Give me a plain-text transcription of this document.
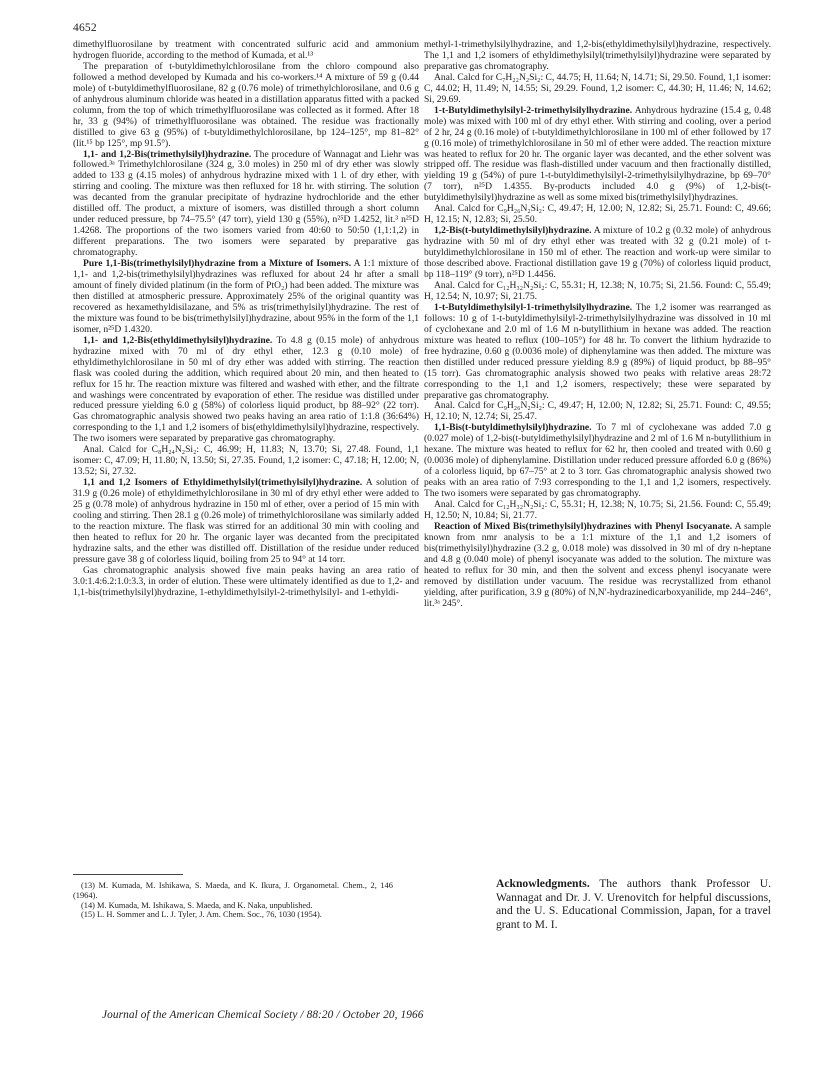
4652

dimethylfluorosilane by treatment with concentrated sulfuric acid and ammonium hydrogen fluoride, according to the method of Kumada, et al.¹³

The preparation of t-butyldimethylchlorosilane from the chloro compound also followed a method developed by Kumada and his co-workers.¹⁴ A mixture of 59 g (0.44 mole) of t-butyldimethylfluorosilane, 82 g (0.76 mole) of trimethylchlorosilane, and 0.6 g of anhydrous aluminum chloride was heated in a distillation apparatus fitted with a packed column, from the top of which trimethylfluorosilane was collected as it formed. After 18 hr, 33 g (94%) of trimethylfluorosilane was obtained. The residue was fractionally distilled to give 63 g (95%) of t-butyldimethylchlorosilane, bp 124–125°, mp 81–82° (lit.¹⁵ bp 125°, mp 91.5°).

1,1- and 1,2-Bis(trimethylsilyl)hydrazine. The procedure of Wannagat and Liehr was followed.³ᵃ Trimethylchlorosilane (324 g, 3.0 moles) in 250 ml of dry ether was slowly added to 133 g (4.15 moles) of anhydrous hydrazine mixed with 1 l. of dry ether, with stirring and cooling. The mixture was then refluxed for 18 hr. with stirring. The solution was decanted from the granular precipitate of hydrazine hydrochloride and the ether distilled off. The product, a mixture of isomers, was distilled through a short column under reduced pressure, bp 74–75.5° (47 torr), yield 130 g (55%), n²⁵D 1.4252, lit.³ n²⁵D 1.4268. The proportions of the two isomers varied from 40:60 to 50:50 (1,1:1,2) in different preparations. The two isomers were separated by preparative gas chromatography.

Pure 1,1-Bis(trimethylsilyl)hydrazine from a Mixture of Isomers. A 1:1 mixture of 1,1- and 1,2-bis(trimethylsilyl)hydrazines was refluxed for about 24 hr after a small amount of finely divided platinum (in the form of PtO₂) had been added. The mixture was then distilled at atmospheric pressure. Approximately 25% of the original quantity was recovered as hexamethyldisilazane, and 5% as tris(trimethylsilyl)hydrazine. The rest of the mixture was found to be bis(trimethylsilyl)hydrazine, about 95% in the form of the 1,1 isomer, n²⁵D 1.4320.

1,1- and 1,2-Bis(ethyldimethylsilyl)hydrazine. To 4.8 g (0.15 mole) of anhydrous hydrazine mixed with 70 ml of dry ethyl ether, 12.3 g (0.10 mole) of ethyldimethylchlorosilane in 50 ml of dry ether was added with stirring. The reaction flask was cooled during the addition, which required about 20 min, and then heated to reflux for 15 hr. The reaction mixture was filtered and washed with ether, and the filtrate and washings were concentrated by evaporation of ether. The residue was distilled under reduced pressure yielding 6.0 g (58%) of colorless liquid product, bp 88–92° (22 torr). Gas chromatographic analysis showed two peaks having an area ratio of 1:1.8 (36:64%) corresponding to the 1,1 and 1,2 isomers of bis(ethyldimethylsilyl)hydrazine, respectively. The two isomers were separated by preparative gas chromatography.

Anal. Calcd for C₈H₂₄N₂Si₂: C, 46.99; H, 11.83; N, 13.70; Si, 27.48. Found, 1,1 isomer: C, 47.09; H, 11.80; N, 13.50; Si, 27.35. Found, 1,2 isomer: C, 47.18; H, 12.00; N, 13.52; Si, 27.32.

1,1 and 1,2 Isomers of Ethyldimethylsilyl(trimethylsilyl)hydrazine. A solution of 31.9 g (0.26 mole) of ethyldimethylchlorosilane in 30 ml of dry ethyl ether were added to 25 g (0.78 mole) of anhydrous hydrazine in 150 ml of ether, over a period of 15 min with cooling and stirring. Then 28.1 g (0.26 mole) of trimethylchlorosilane was similarly added to the reaction mixture. The flask was stirred for an additional 30 min with cooling and then heated to reflux for 20 hr. The organic layer was decanted from the precipitated hydrazine salts, and the ether was distilled off. Distillation of the residue under reduced pressure gave 38 g of colorless liquid, boiling from 25 to 94° at 14 torr.

Gas chromatographic analysis showed five main peaks having an area ratio of 3.0:1.4:6.2:1.0:3.3, in order of elution. These were ultimately identified as due to 1,2- and 1,1-bis(trimethylsilyl)hydrazine, 1-ethyldimethylsilyl-2-trimethylsilyl- and 1-ethyldi-

methyl-1-trimethylsilylhydrazine, and 1,2-bis(ethyldimethylsilyl)hydrazine, respectively. The 1,1 and 1,2 isomers of ethyldimethylsilyl(trimethylsilyl)hydrazine were separated by preparative gas chromatography.

Anal. Calcd for C₇H₂₂N₂Si₂: C, 44.75; H, 11.64; N, 14.71; Si, 29.50. Found, 1,1 isomer: C, 44.02; H, 11.49; N, 14.55; Si, 29.29. Found, 1,2 isomer: C, 44.30; H, 11.46; N, 14.62; Si, 29.69.

1-t-Butyldimethylsilyl-2-trimethylsilylhydrazine. Anhydrous hydrazine (15.4 g, 0.48 mole) was mixed with 100 ml of dry ethyl ether. With stirring and cooling, over a period of 2 hr, 24 g (0.16 mole) of t-butyldimethylchlorosilane in 100 ml of ether followed by 17 g (0.16 mole) of trimethylchlorosilane in 50 ml of ether were added. The reaction mixture was heated to reflux for 20 hr. The organic layer was decanted, and the ether solvent was stripped off. The residue was flash-distilled under vacuum and then fractionally distilled, yielding 19 g (54%) of pure 1-t-butyldimethylsilyl-2-trimethylsilylhydrazine, bp 69–70° (7 torr), n²⁵D 1.4355. By-products included 4.0 g (9%) of 1,2-bis(t-butyldimethylsilyl)hydrazine as well as some mixed bis(trimethylsilyl)hydrazines.

Anal. Calcd for C₉H₂₆N₂Si₂: C, 49.47; H, 12.00; N, 12.82; Si, 25.71. Found: C, 49.66; H, 12.15; N, 12.83; Si, 25.50.

1,2-Bis(t-butyldimethylsilyl)hydrazine. A mixture of 10.2 g (0.32 mole) of anhydrous hydrazine with 50 ml of dry ethyl ether was treated with 32 g (0.21 mole) of t-butyldimethylchlorosilane in 150 ml of ether. The reaction and work-up were similar to those described above. Fractional distillation gave 19 g (70%) of colorless liquid product, bp 118–119° (9 torr), n²⁵D 1.4456.

Anal. Calcd for C₁₂H₃₂N₂Si₂: C, 55.31; H, 12.38; N, 10.75; Si, 21.56. Found: C, 55.49; H, 12.54; N, 10.97; Si, 21.75.

1-t-Butyldimethylsilyl-1-trimethylsilylhydrazine. The 1,2 isomer was rearranged as follows: 10 g of 1-t-butyldimethylsilyl-2-trimethylsilylhydrazine was dissolved in 10 ml of cyclohexane and 2.0 ml of 1.6 M n-butyllithium in hexane was added. The reaction mixture was heated to reflux (100–105°) for 48 hr. To convert the lithium hydrazide to free hydrazine, 0.60 g (0.0036 mole) of diphenylamine was then added. The mixture was then distilled under reduced pressure yielding 8.9 g (89%) of liquid product, bp 88–95° (15 torr). Gas chromatographic analysis showed two peaks with relative areas 28:72 corresponding to the 1,1 and 1,2 isomers, respectively; these were separated by preparative gas chromatography.

Anal. Calcd for C₉H₂₆N₂Si₂: C, 49.47; H, 12.00; N, 12.82; Si, 25.71. Found: C, 49.55; H, 12.10; N, 12.74; Si, 25.47.

1,1-Bis(t-butyldimethylsilyl)hydrazine. To 7 ml of cyclohexane was added 7.0 g (0.027 mole) of 1,2-bis(t-butyldimethylsilyl)hydrazine and 2 ml of 1.6 M n-butyllithium in hexane. The mixture was heated to reflux for 62 hr, then cooled and treated with 0.60 g (0.0036 mole) of diphenylamine. Distillation under reduced pressure afforded 6.0 g (86%) of a colorless liquid, bp 67–75° at 2 to 3 torr. Gas chromatographic analysis showed two peaks with an area ratio of 7:93 corresponding to the 1,1 and 1,2 isomers, respectively. The two isomers were separated by gas chromatography.

Anal. Calcd for C₁₂H₃₂N₂Si₂: C, 55.31; H, 12.38; N, 10.75; Si, 21.56. Found: C, 55.49; H, 12.50; N, 10.84; Si, 21.77.

Reaction of Mixed Bis(trimethylsilyl)hydrazines with Phenyl Isocyanate. A sample known from nmr analysis to be a 1:1 mixture of the 1,1 and 1,2 isomers of bis(trimethylsilyl)hydrazine (3.2 g, 0.018 mole) was dissolved in 30 ml of dry n-heptane and 4.8 g (0.040 mole) of phenyl isocyanate was added to the solution. The mixture was heated to reflux for 30 min, and then the solvent and excess phenyl isocyanate were removed by distillation under vacuum. The residue was recrystallized from ethanol yielding, after purification, 3.9 g (80%) of N,N′-hydrazinedicarboxyanilide, mp 244–246°, lit.³ᵃ 245°.

(13) M. Kumada, M. Ishikawa, S. Maeda, and K. Ikura, J. Organometal. Chem., 2, 146 (1964).

(14) M. Kumada, M. Ishikawa, S. Maeda, and K. Naka, unpublished.

(15) L. H. Sommer and L. J. Tyler, J. Am. Chem. Soc., 76, 1030 (1954).

Acknowledgments. The authors thank Professor U. Wannagat and Dr. J. V. Urenovitch for helpful discussions, and the U. S. Educational Commission, Japan, for a travel grant to M. I.
Journal of the American Chemical Society / 88:20 / October 20, 1966
